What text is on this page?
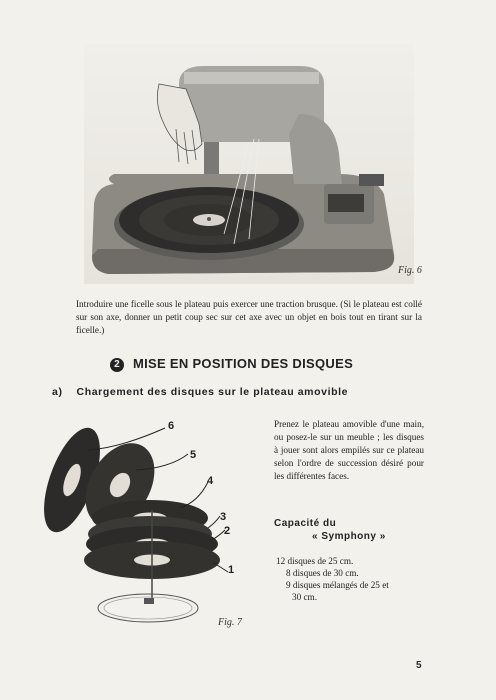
Fig. 6
Introduire une ficelle sous le plateau puis exercer une traction brusque. (Si le plateau est collé sur son axe, donner un petit coup sec sur cet axe avec un objet en bois tout en tirant sur la ficelle.)
2 MISE EN POSITION DES DISQUES
a) Chargement des disques sur le plateau amovible
6
5
4
3
2
1
Fig. 7
Prenez le plateau amovible d'une main, ou posez-le sur un meuble ; les disques à jouer sont alors empilés sur ce plateau selon l'ordre de succession désiré pour les différentes faces.
Capacité du
« Symphony »
12 disques de 25 cm.
8 disques de 30 cm.
9 disques mélangés de 25 et
30 cm.
5
